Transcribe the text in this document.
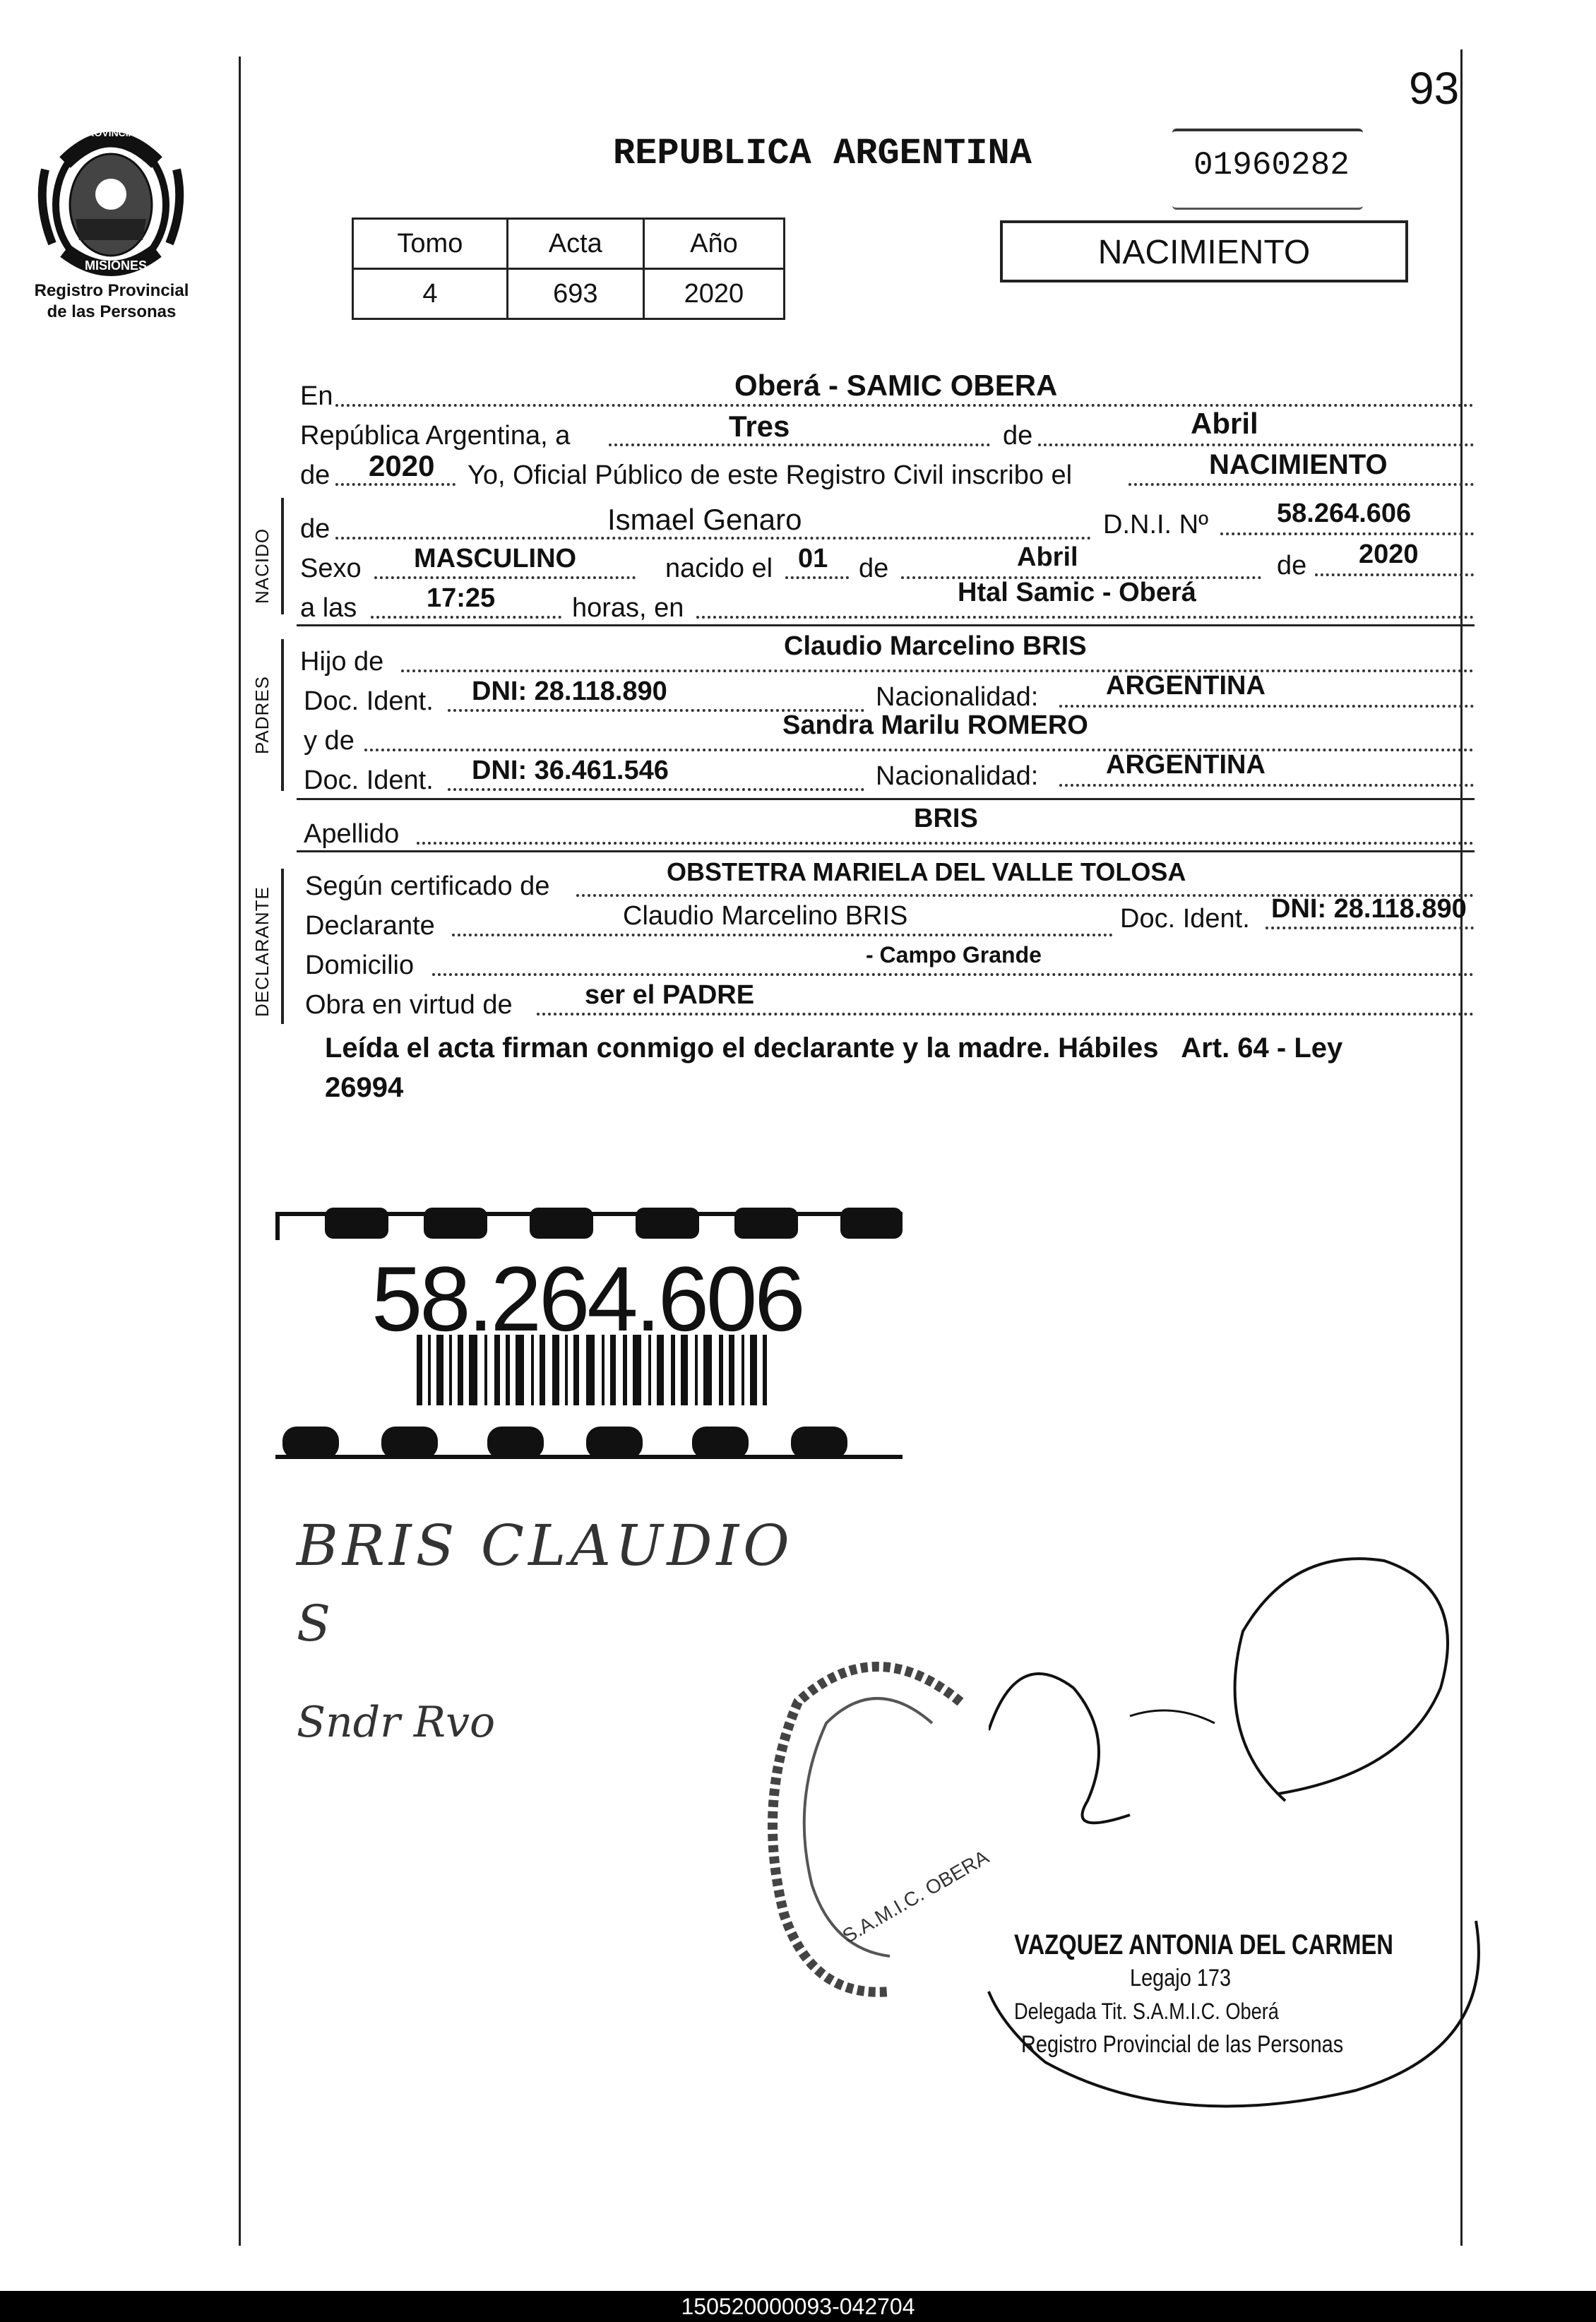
93
PROVINCIA DE
MISIONES
Registro Provincial
de las Personas
REPUBLICA ARGENTINA	01960282
Tomo	Acta	Año
4	693	2020
NACIMIENTO
NACIDO
PADRES
DECLARANTE
En	Oberá - SAMIC OBERA
República Argentina, a	Tres	de	Abril
de 2020 Yo, Oficial Público de este Registro Civil inscribo el	NACIMIENTO
de	Ismael Genaro	D.N.I. Nº	58.264.606
Sexo MASCULINO	nacido el 01 de	Abril	de 2020
a las	17:25	horas, en
Htal Samic - Oberá
Hijo de
Claudio Marcelino BRIS
Doc. Ident. DNI: 28.118.890	Nacionalidad:	ARGENTINA
y de
Sandra Marilu ROMERO
Doc. Ident. DNI: 36.461.546	Nacionalidad:	ARGENTINA
Apellido
BRIS
Según certificado de	OBSTETRA MARIELA DEL VALLE TOLOSA
Declarante	Claudio Marcelino BRIS	Doc. Ident. DNI: 28.118.890
Domicilio	- Campo Grande
Obra en virtud de	ser el PADRE
Leída el acta firman conmigo el declarante y la madre. Hábiles   Art. 64 - Ley
26994
58.264.606
BRIS CLAUDIO
S
Sndr Rvo
S.A.M.I.C. OBERA VAZQUEZ ANTONIA DEL CARMEN
Legajo 173
Delegada Tit. S.A.M.I.C. Oberá
Registro Provincial de las Personas
150520000093-042704
